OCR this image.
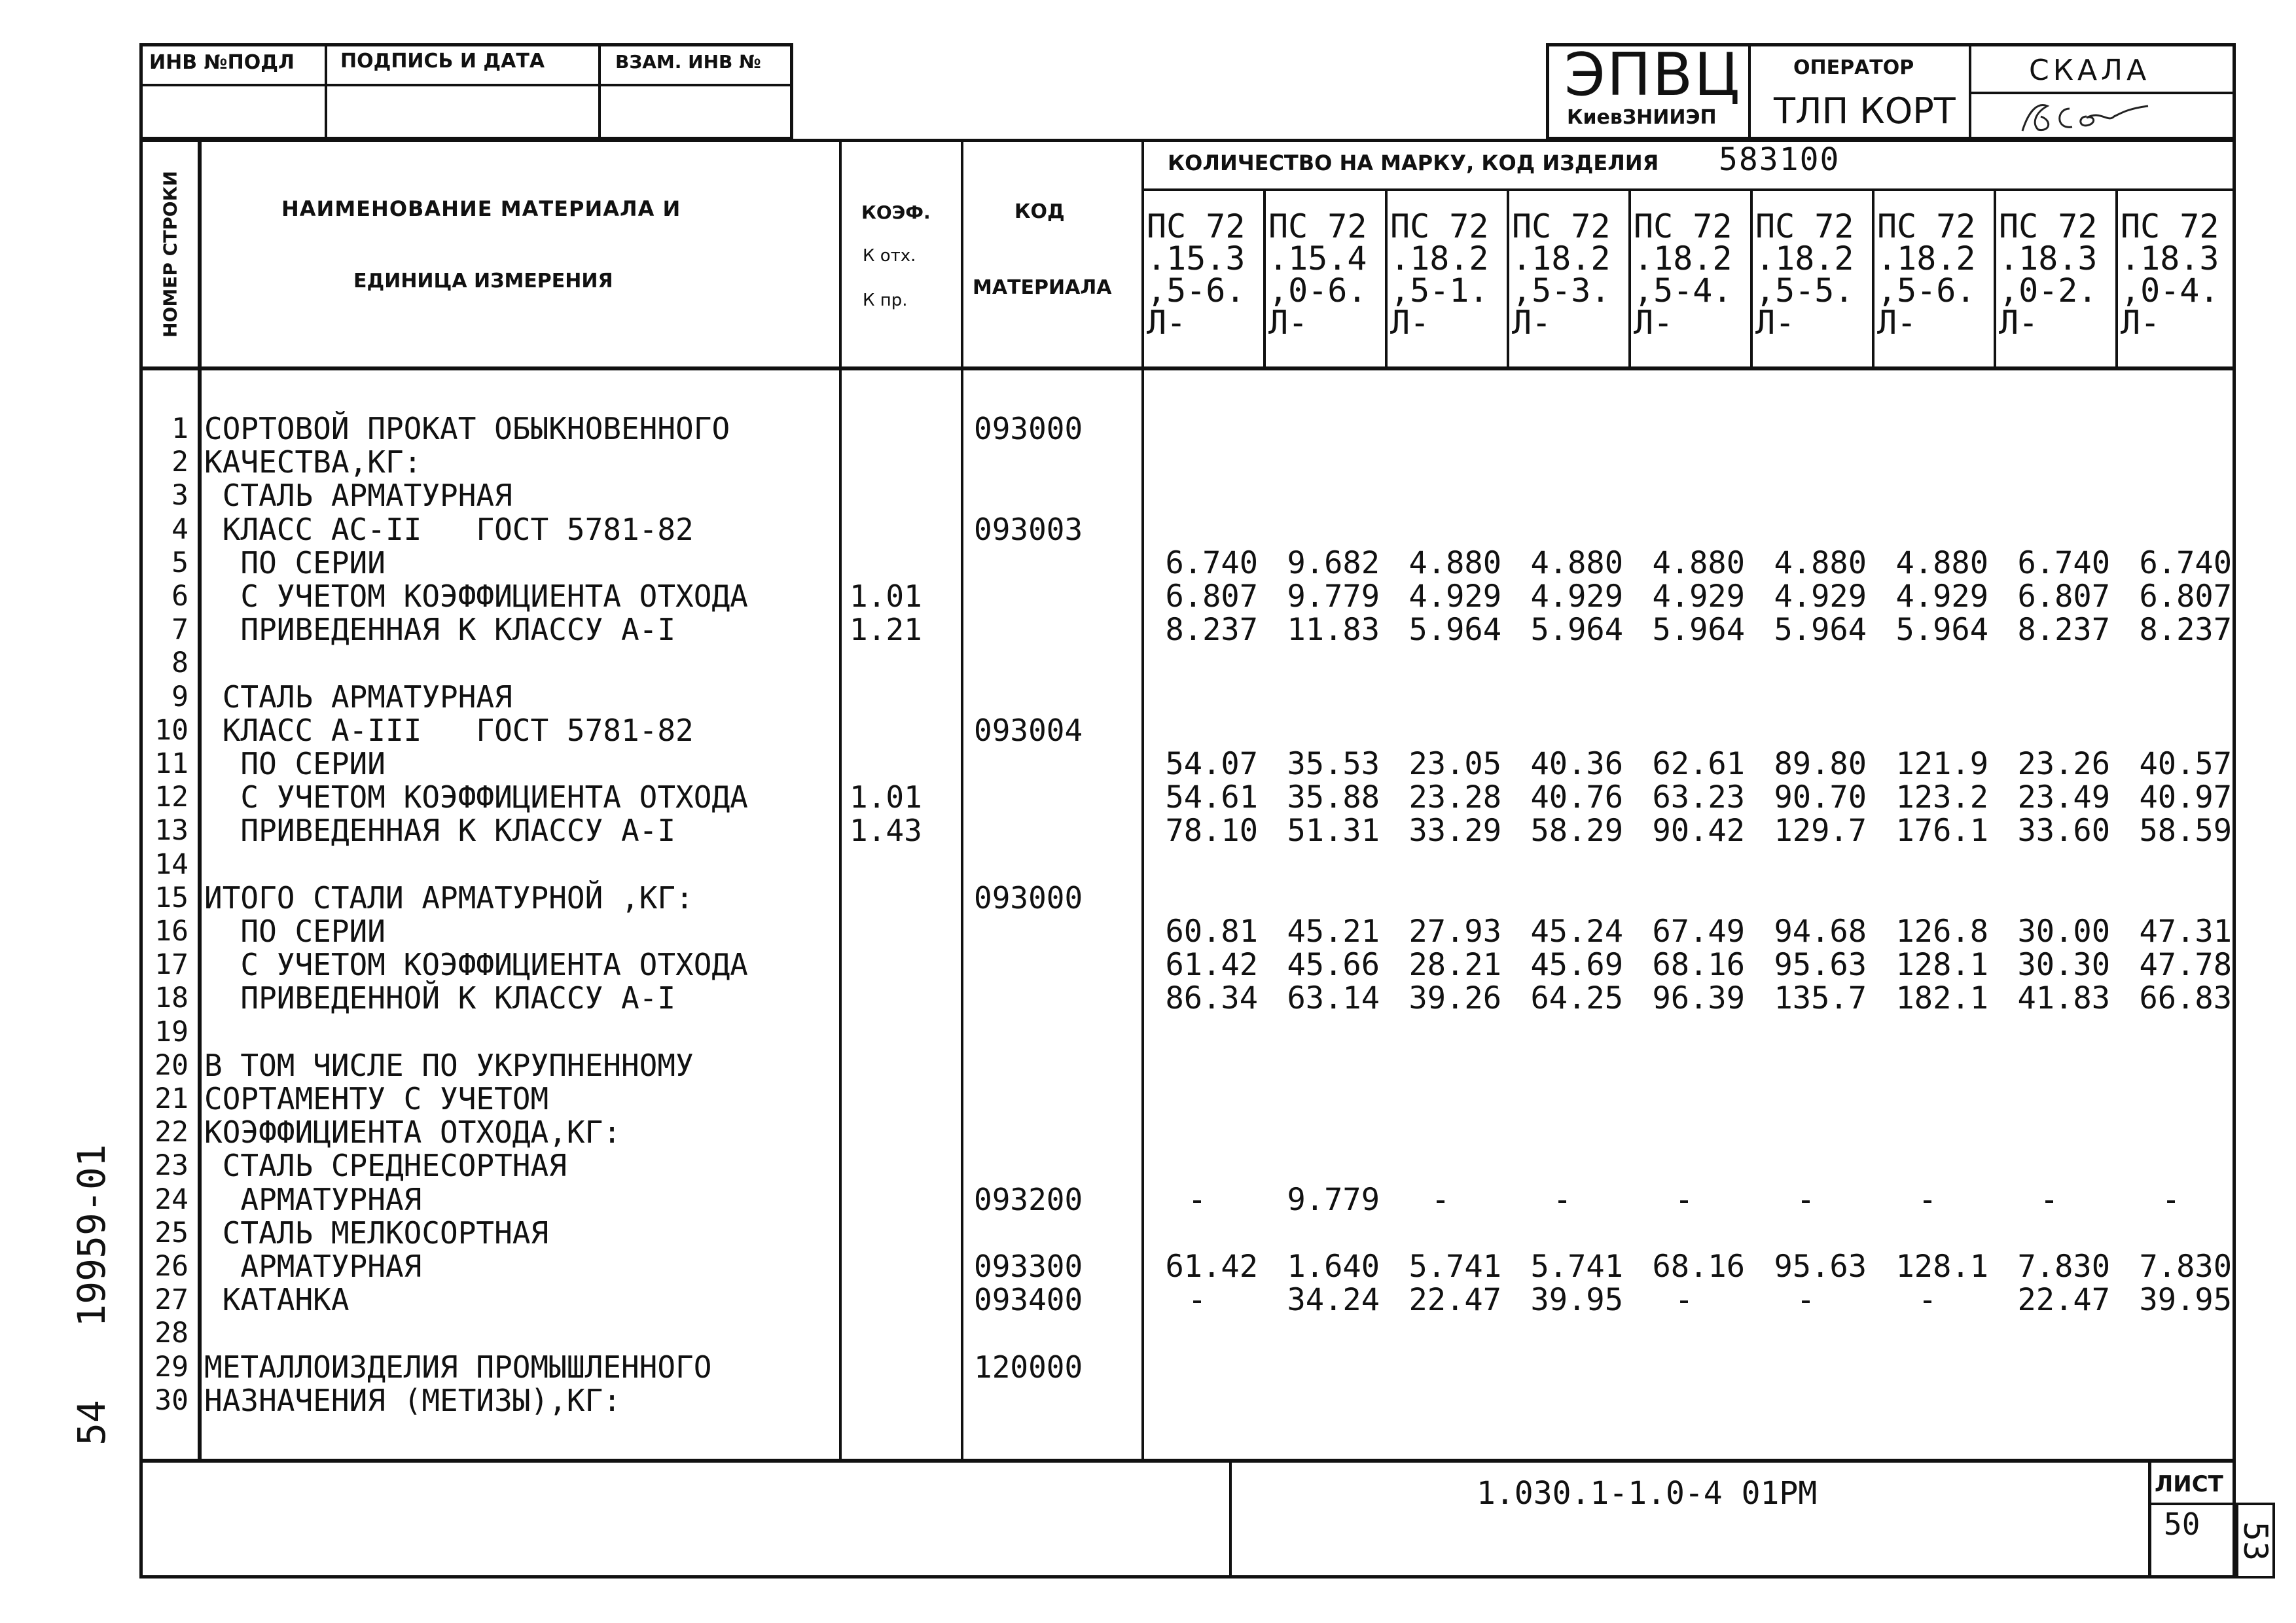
ИНВ №ПОДЛ ПОДПИСЬ И ДАТА	ВЗАМ. ИНВ №	ЭПВЦ
КиевЗНИИЭП
ОПЕРАТОР
ТЛП КОРТ
СКАЛА
НОМЕР СТРОКИ	НАИМЕНОВАНИЕ МАТЕРИАЛА И
ЕДИНИЦА ИЗМЕРЕНИЯ
КОЭФ.
К отх.
К пр.
КОД
МАТЕРИАЛА
КОЛИЧЕСТВО НА МАРКУ, КОД ИЗДЕЛИЯ 583100
ПС 72
.15.3
,5-6.
Л-
ПС 72
.15.4
,0-6.
Л-
ПС 72
.18.2
,5-1.
Л-
ПС 72
.18.2
,5-3.
Л-
ПС 72
.18.2
,5-4.
Л-
ПС 72
.18.2
,5-5.
Л-
ПС 72
.18.2
,5-6.
Л-
ПС 72
.18.3
,0-2.
Л-
ПС 72
.18.3
,0-4.
Л-
1 СОРТОВОЙ ПРОКАТ ОБЫКНОВЕННОГО	093000
2 КАЧЕСТВА,КГ:
3 СТАЛЬ АРМАТУРНАЯ
4 КЛАСС АС-II   ГОСТ 5781-82	093003
5 ПО СЕРИИ	6.740 9.682 4.880 4.880 4.880 4.880 4.880 6.740 6.740
6 С УЧЕТОМ КОЭФФИЦИЕНТА ОТХОДА	1.01	6.807 9.779 4.929 4.929 4.929 4.929 4.929 6.807 6.807
7 ПРИВЕДЕННАЯ К КЛАССУ А-I	1.21	8.237 11.83 5.964 5.964 5.964 5.964 5.964 8.237 8.237
8
9 СТАЛЬ АРМАТУРНАЯ
10 КЛАСС А-III   ГОСТ 5781-82	093004
11 ПО СЕРИИ	54.07 35.53 23.05 40.36 62.61 89.80 121.9 23.26 40.57
12 С УЧЕТОМ КОЭФФИЦИЕНТА ОТХОДА	1.01	54.61 35.88 23.28 40.76 63.23 90.70 123.2 23.49 40.97
13 ПРИВЕДЕННАЯ К КЛАССУ А-I	1.43	78.10 51.31 33.29 58.29 90.42 129.7 176.1 33.60 58.59
14
15 ИТОГО СТАЛИ АРМАТУРНОЙ ,КГ:	093000
16 ПО СЕРИИ	60.81 45.21 27.93 45.24 67.49 94.68 126.8 30.00 47.31
17 С УЧЕТОМ КОЭФФИЦИЕНТА ОТХОДА	61.42 45.66 28.21 45.69 68.16 95.63 128.1 30.30 47.78
18 ПРИВЕДЕННОЙ К КЛАССУ А-I	86.34 63.14 39.26 64.25 96.39 135.7 182.1 41.83 66.83
19
20 В ТОМ ЧИСЛЕ ПО УКРУПНЕННОМУ
21 СОРТАМЕНТУ С УЧЕТОМ
22 КОЭФФИЦИЕНТА ОТХОДА,КГ:
23 СТАЛЬ СРЕДНЕСОРТНАЯ
24 АРМАТУРНАЯ	093200	-	9.779	-	-	-	-	-	-	-
25 СТАЛЬ МЕЛКОСОРТНАЯ
26 АРМАТУРНАЯ	093300	61.42 1.640 5.741 5.741 68.16 95.63 128.1 7.830 7.830
27 КАТАНКА	093400	-	34.24 22.47 39.95	-	-	-	22.47 39.95
28
29 МЕТАЛЛОИЗДЕЛИЯ ПРОМЫШЛЕННОГО	120000
30 НАЗНАЧЕНИЯ (МЕТИЗЫ),КГ:
1.030.1-1.0-4 01РМ	ЛИСТ
50 53
19959-01
54
